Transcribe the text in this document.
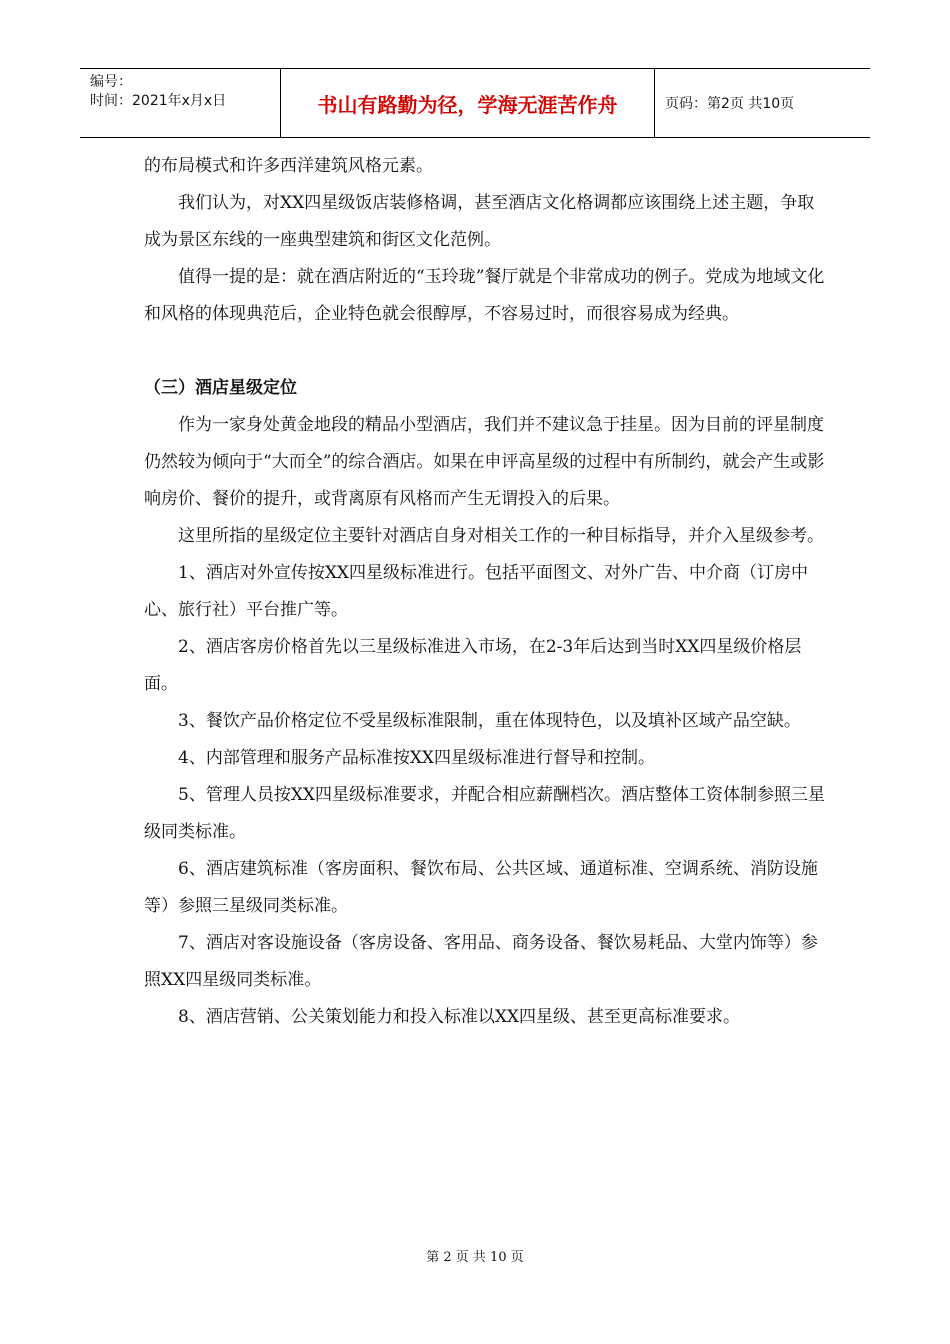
编号：
时间：2021年x月x日	书山有路勤为径，学海无涯苦作舟	页码：第2页 共10页

的布局模式和许多西洋建筑风格元素。

我们认为，对XX四星级饭店装修格调，甚至酒店文化格调都应该围绕上述主题，争取成为景区东线的一座典型建筑和街区文化范例。

值得一提的是：就在酒店附近的“玉玲珑”餐厅就是个非常成功的例子。党成为地域文化和风格的体现典范后，企业特色就会很醇厚，不容易过时，而很容易成为经典。

（三）酒店星级定位

作为一家身处黄金地段的精品小型酒店，我们并不建议急于挂星。因为目前的评星制度仍然较为倾向于“大而全”的综合酒店。如果在申评高星级的过程中有所制约，就会产生或影响房价、餐价的提升，或背离原有风格而产生无谓投入的后果。

这里所指的星级定位主要针对酒店自身对相关工作的一种目标指导，并介入星级参考。

1、酒店对外宣传按XX四星级标准进行。包括平面图文、对外广告、中介商（订房中心、旅行社）平台推广等。

2、酒店客房价格首先以三星级标准进入市场，在2-3年后达到当时XX四星级价格层面。

3、餐饮产品价格定位不受星级标准限制，重在体现特色，以及填补区域产品空缺。

4、内部管理和服务产品标准按XX四星级标准进行督导和控制。

5、管理人员按XX四星级标准要求，并配合相应薪酬档次。酒店整体工资体制参照三星级同类标准。

6、酒店建筑标准（客房面积、餐饮布局、公共区域、通道标准、空调系统、消防设施等）参照三星级同类标准。

7、酒店对客设施设备（客房设备、客用品、商务设备、餐饮易耗品、大堂内饰等）参照XX四星级同类标准。

8、酒店营销、公关策划能力和投入标准以XX四星级、甚至更高标准要求。

第 2 页 共 10 页
